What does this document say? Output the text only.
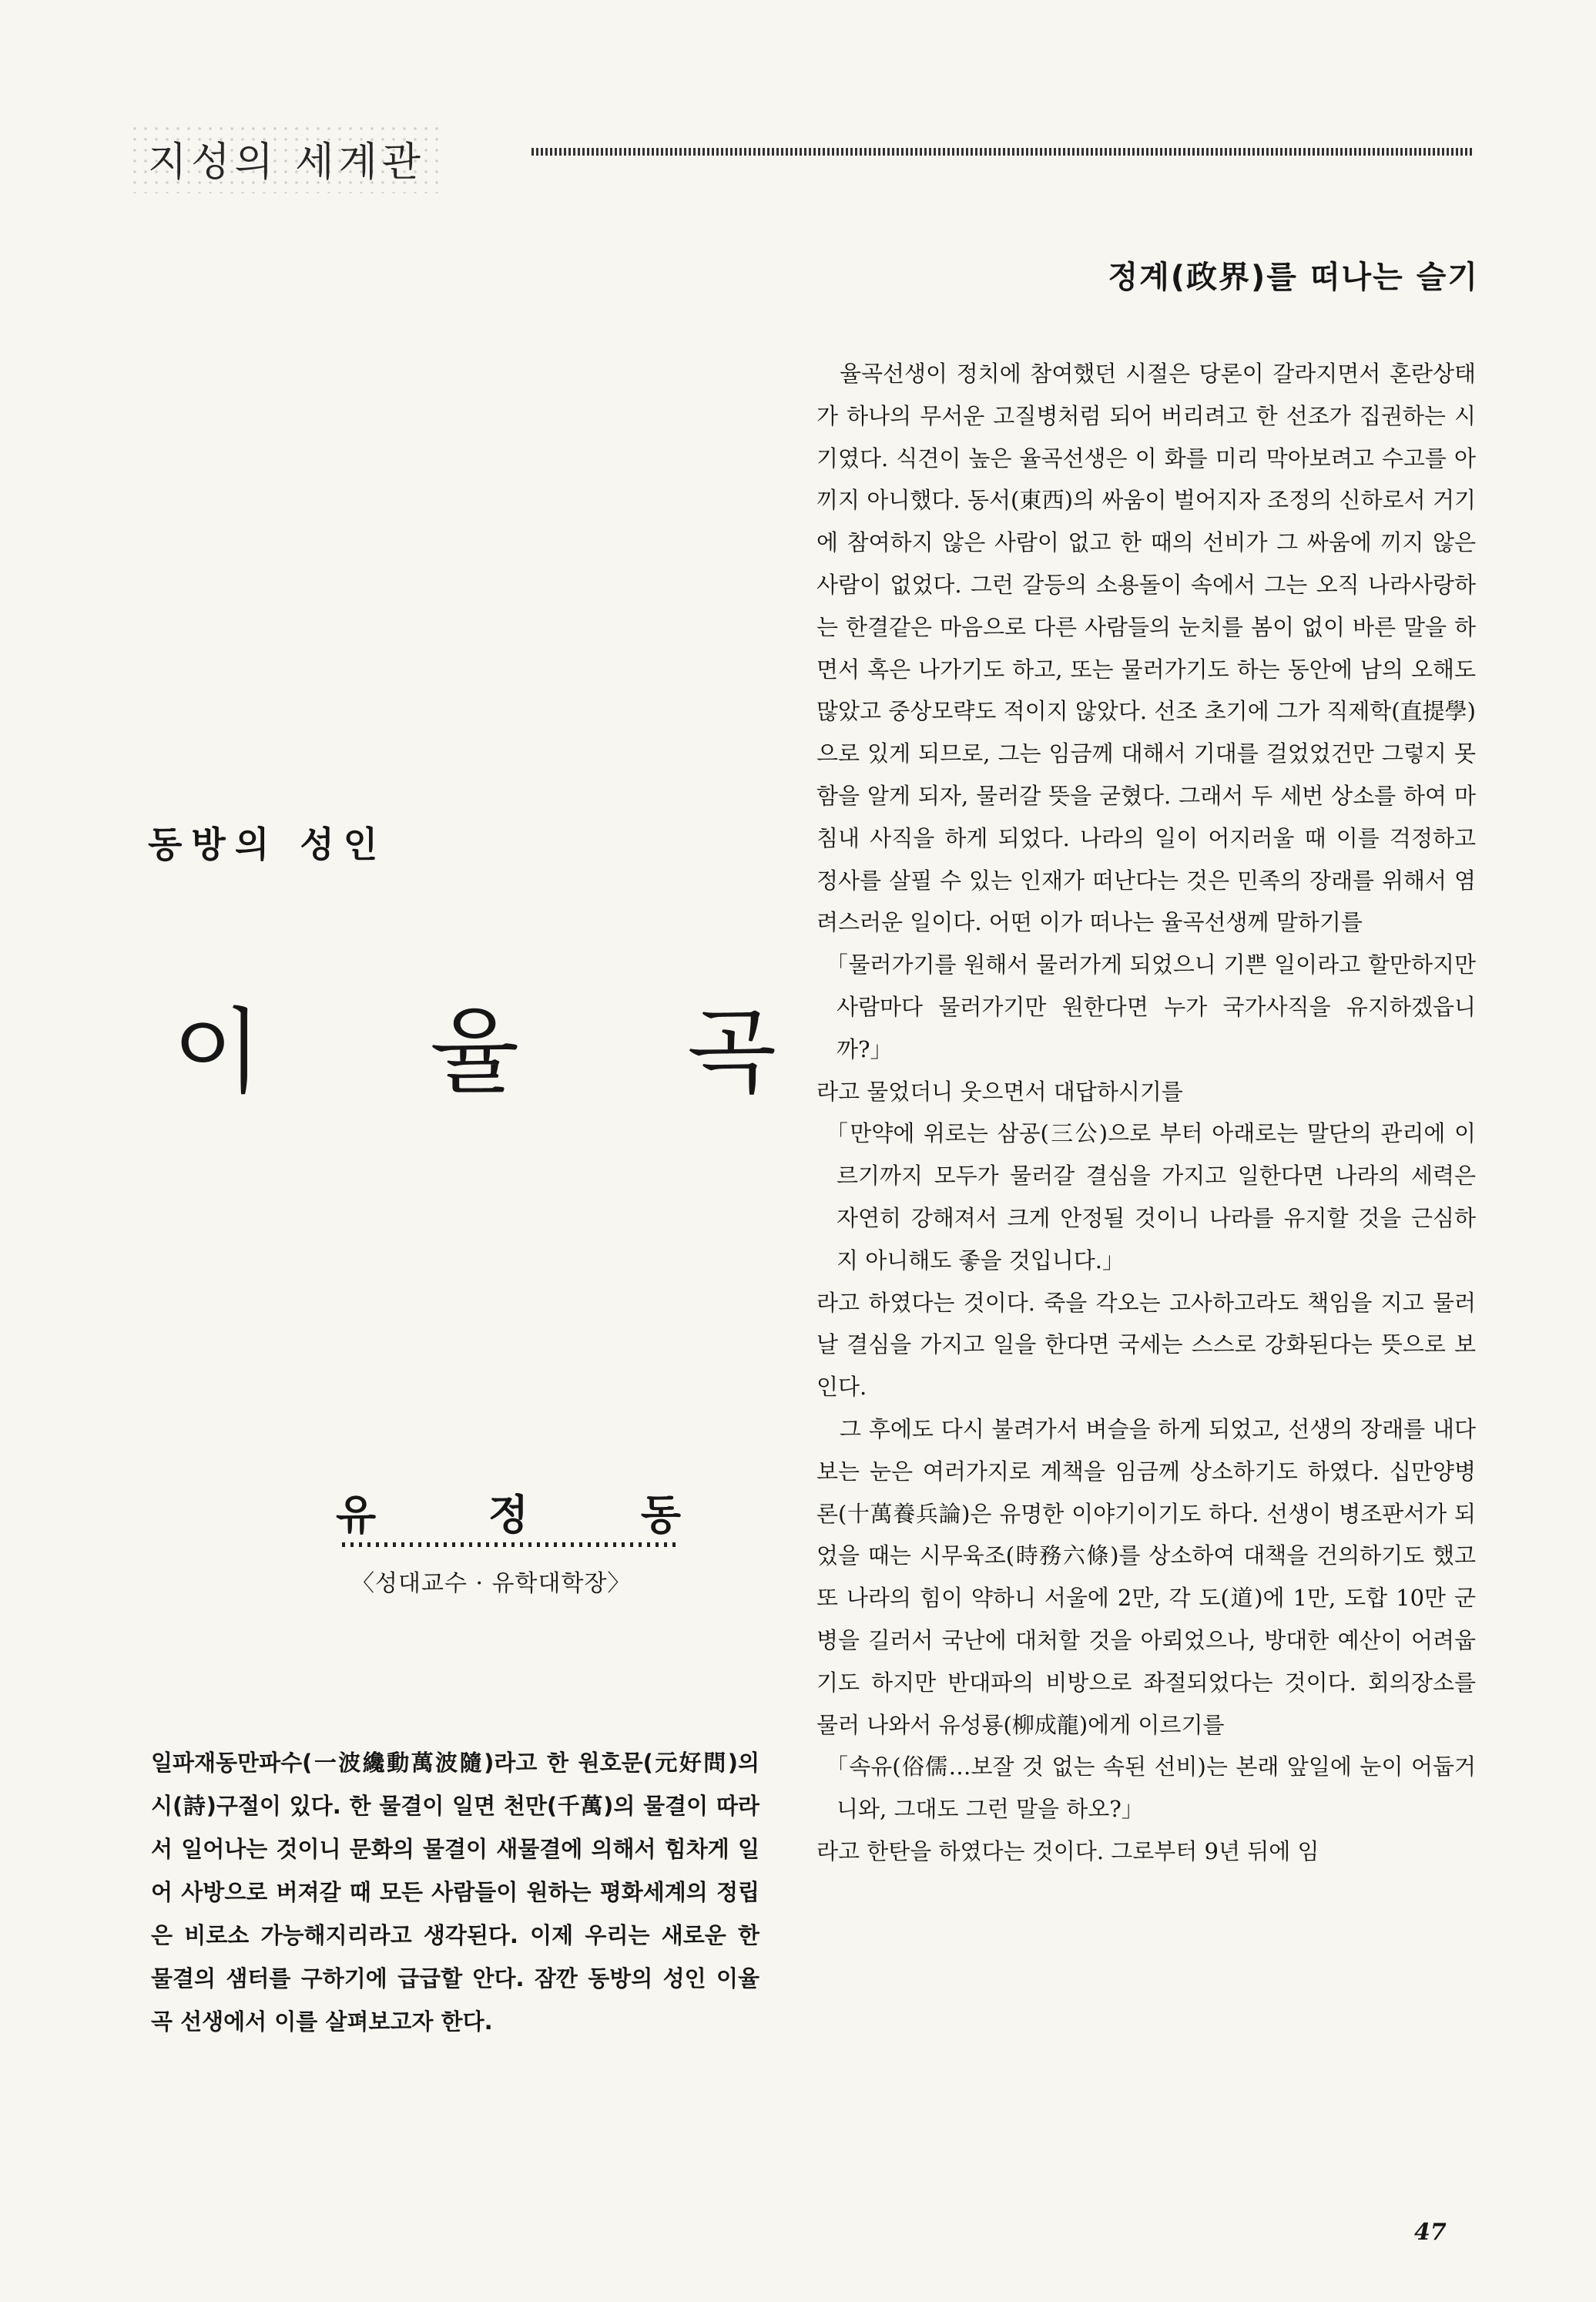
지성의 세계관
정계(政界)를 떠나는 슬기
동방의 성인
이 율 곡
유	정	동
〈성대교수 · 유학대학장〉
일파재동만파수(一波纔動萬波隨)라고 한 원호문(元好問)의 시(詩)구절이 있다. 한 물결이 일면 천만(千萬)의 물결이 따라서 일어나는 것이니 문화의 물결이 새물결에 의해서 힘차게 일어 사방으로 버져갈 때 모든 사람들이 원하는 평화세계의 정립은 비로소 가능해지리라고 생각된다. 이제 우리는 새로운 한 물결의 샘터를 구하기에 급급할 안다. 잠깐 동방의 성인 이율곡 선생에서 이를 살펴보고자 한다.

율곡선생이 정치에 참여했던 시절은 당론이 갈라지면서 혼란상태가 하나의 무서운 고질병처럼 되어 버리려고 한 선조가 집권하는 시기였다. 식견이 높은 율곡선생은 이 화를 미리 막아보려고 수고를 아끼지 아니했다. 동서(東西)의 싸움이 벌어지자 조정의 신하로서 거기에 참여하지 않은 사람이 없고 한 때의 선비가 그 싸움에 끼지 않은 사람이 없었다. 그런 갈등의 소용돌이 속에서 그는 오직 나라사랑하는 한결같은 마음으로 다른 사람들의 눈치를 봄이 없이 바른 말을 하면서 혹은 나가기도 하고, 또는 물러가기도 하는 동안에 남의 오해도 많았고 중상모략도 적이지 않았다. 선조 초기에 그가 직제학(直提學)으로 있게 되므로, 그는 임금께 대해서 기대를 걸었었건만 그렇지 못함을 알게 되자, 물러갈 뜻을 굳혔다. 그래서 두 세번 상소를 하여 마침내 사직을 하게 되었다. 나라의 일이 어지러울 때 이를 걱정하고 정사를 살필 수 있는 인재가 떠난다는 것은 민족의 장래를 위해서 염려스러운 일이다. 어떤 이가 떠나는 율곡선생께 말하기를

「물러가기를 원해서 물러가게 되었으니 기쁜 일이라고 할만하지만 사람마다 물러가기만 원한다면 누가 국가사직을 유지하겠읍니까?」

라고 물었더니 웃으면서 대답하시기를

「만약에 위로는 삼공(三公)으로 부터 아래로는 말단의 관리에 이르기까지 모두가 물러갈 결심을 가지고 일한다면 나라의 세력은 자연히 강해져서 크게 안정될 것이니 나라를 유지할 것을 근심하지 아니해도 좋을 것입니다.」

라고 하였다는 것이다. 죽을 각오는 고사하고라도 책임을 지고 물러날 결심을 가지고 일을 한다면 국세는 스스로 강화된다는 뜻으로 보인다.

그 후에도 다시 불려가서 벼슬을 하게 되었고, 선생의 장래를 내다보는 눈은 여러가지로 계책을 임금께 상소하기도 하였다. 십만양병론(十萬養兵論)은 유명한 이야기이기도 하다. 선생이 병조판서가 되었을 때는 시무육조(時務六條)를 상소하여 대책을 건의하기도 했고 또 나라의 힘이 약하니 서울에 2만, 각 도(道)에 1만, 도합 10만 군병을 길러서 국난에 대처할 것을 아뢰었으나, 방대한 예산이 어려웁기도 하지만 반대파의 비방으로 좌절되었다는 것이다. 회의장소를 물러 나와서 유성룡(柳成龍)에게 이르기를

「속유(俗儒…보잘 것 없는 속된 선비)는 본래 앞일에 눈이 어둡거니와, 그대도 그런 말을 하오?」

라고 한탄을 하였다는 것이다. 그로부터 9년 뒤에 임

47
